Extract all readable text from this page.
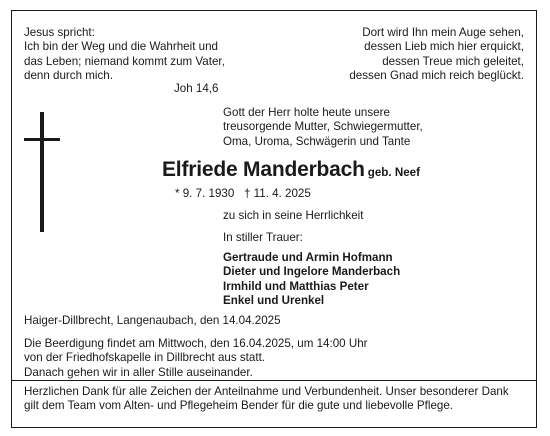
Jesus spricht:
Ich bin der Weg und die Wahrheit und
das Leben; niemand kommt zum Vater,
denn durch mich.
Joh 14,6
Dort wird Ihn mein Auge sehen,
dessen Lieb mich hier erquickt,
dessen Treue mich geleitet,
dessen Gnad mich reich beglückt.
Gott der Herr holte heute unsere
treusorgende Mutter, Schwiegermutter,
Oma, Uroma, Schwägerin und Tante
Elfriede Manderbach geb. Neef
* 9. 7. 1930   † 11. 4. 2025
zu sich in seine Herrlichkeit
In stiller Trauer:
Gertraude und Armin Hofmann
Dieter und Ingelore Manderbach
Irmhild und Matthias Peter
Enkel und Urenkel
Haiger-Dillbrecht, Langenaubach, den 14.04.2025
Die Beerdigung findet am Mittwoch, den 16.04.2025, um 14:00 Uhr
von der Friedhofskapelle in Dillbrecht aus statt.
Danach gehen wir in aller Stille auseinander.
Herzlichen Dank für alle Zeichen der Anteilnahme und Verbundenheit. Unser besonderer Dank
gilt dem Team vom Alten- und Pflegeheim Bender für die gute und liebevolle Pflege.
